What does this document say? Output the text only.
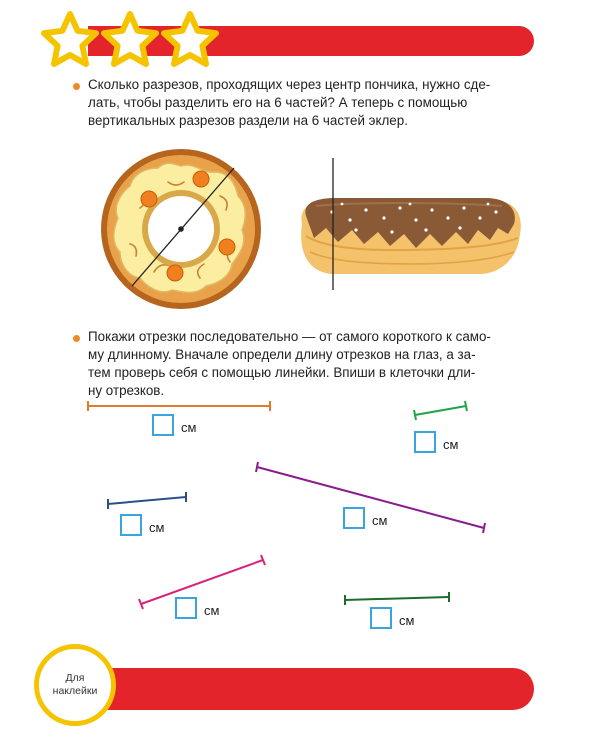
Сколько разрезов, проходящих через центр пончика, нужно сде-
лать, чтобы разделить его на 6 частей? А теперь с помощью
вертикальных разрезов раздели на 6 частей эклер.
Покажи отрезки последовательно — от самого короткого к само-
му длинному. Вначале определи длину отрезков на глаз, а за-
тем проверь себя с помощью линейки. Впиши в клеточки дли-
ну отрезков.
см
см
см
см
см
см
Для
наклейки
